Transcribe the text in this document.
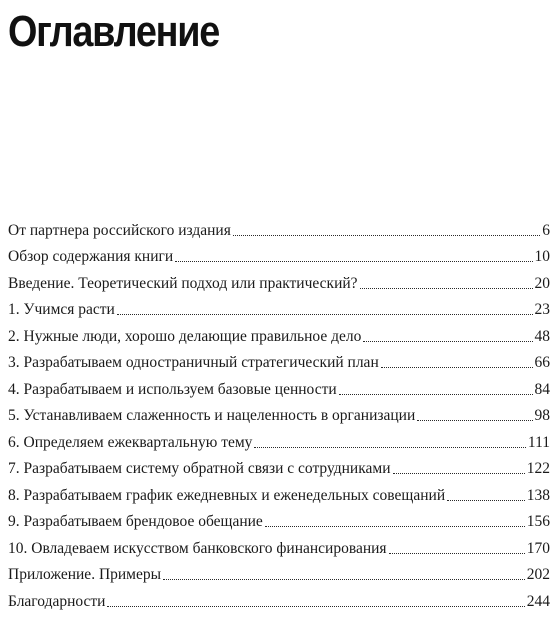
Оглавление
От партнера российского издания	6
Обзор содержания книги	10
Введение. Теоретический подход или практический?	20
1. Учимся расти	23
2. Нужные люди, хорошо делающие правильное дело	48
3. Разрабатываем одностраничный стратегический план	66
4. Разрабатываем и используем базовые ценности	84
5. Устанавливаем слаженность и нацеленность в организации	98
6. Определяем ежеквартальную тему	111
7. Разрабатываем систему обратной связи с сотрудниками	122
8. Разрабатываем график ежедневных и еженедельных совещаний	138
9. Разрабатываем брендовое обещание	156
10. Овладеваем искусством банковского финансирования	170
Приложение. Примеры	202
Благодарности	244
